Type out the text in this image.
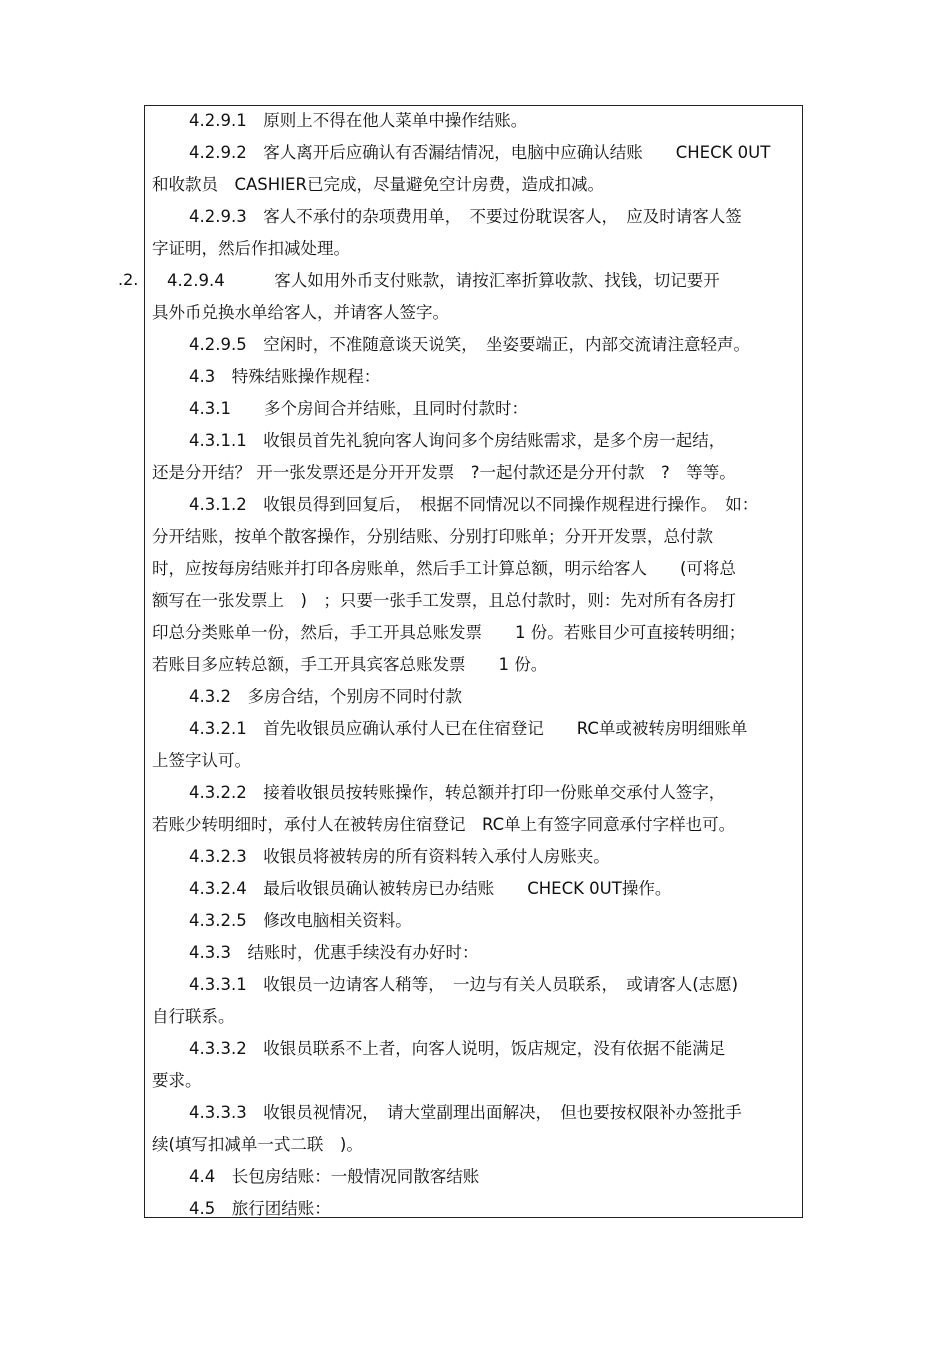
.2.
4.2.9.1　原则上不得在他人菜单中操作结账。
4.2.9.2　客人离开后应确认有否漏结情况，电脑中应确认结账　　CHECK 0UT
和收款员　CASHIER已完成，尽量避免空计房费，造成扣减。
4.2.9.3　客人不承付的杂项费用单，　不要过份耽误客人，　应及时请客人签
字证明，然后作扣减处理。
4.2.9.4　　　客人如用外币支付账款，请按汇率折算收款、找钱，切记要开
具外币兑换水单给客人，并请客人签字。
4.2.9.5　空闲时，不准随意谈天说笑，　坐姿要端正，内部交流请注意轻声。
4.3　特殊结账操作规程：
4.3.1　　多个房间合并结账，且同时付款时：
4.3.1.1　收银员首先礼貌向客人询问多个房结账需求，是多个房一起结，
还是分开结？ 开一张发票还是分开开发票　?一起付款还是分开付款　?　等等。
4.3.1.2　收银员得到回复后，　根据不同情况以不同操作规程进行操作。　如：
分开结账，按单个散客操作，分别结账、分别打印账单；分开开发票，总付款
时，应按每房结账并打印各房账单，然后手工计算总额，明示给客人　　(可将总
额写在一张发票上　)　；只要一张手工发票，且总付款时，则：先对所有各房打
印总分类账单一份，然后，手工开具总账发票　　1 份。若账目少可直接转明细；
若账目多应转总额，手工开具宾客总账发票　　1 份。
4.3.2　多房合结，个别房不同时付款
4.3.2.1　首先收银员应确认承付人已在住宿登记　　RC单或被转房明细账单
上签字认可。
4.3.2.2　接着收银员按转账操作，转总额并打印一份账单交承付人签字，
若账少转明细时，承付人在被转房住宿登记　RC单上有签字同意承付字样也可。
4.3.2.3　收银员将被转房的所有资料转入承付人房账夹。
4.3.2.4　最后收银员确认被转房已办结账　　CHECK 0UT操作。
4.3.2.5　修改电脑相关资料。
4.3.3　结账时，优惠手续没有办好时：
4.3.3.1　收银员一边请客人稍等，　一边与有关人员联系，　或请客人(志愿)
自行联系。
4.3.3.2　收银员联系不上者，向客人说明，饭店规定，没有依据不能满足
要求。
4.3.3.3　收银员视情况，　请大堂副理出面解决，　但也要按权限补办签批手
续(填写扣减单一式二联　)。
4.4　长包房结账：一般情况同散客结账
4.5　旅行团结账：
